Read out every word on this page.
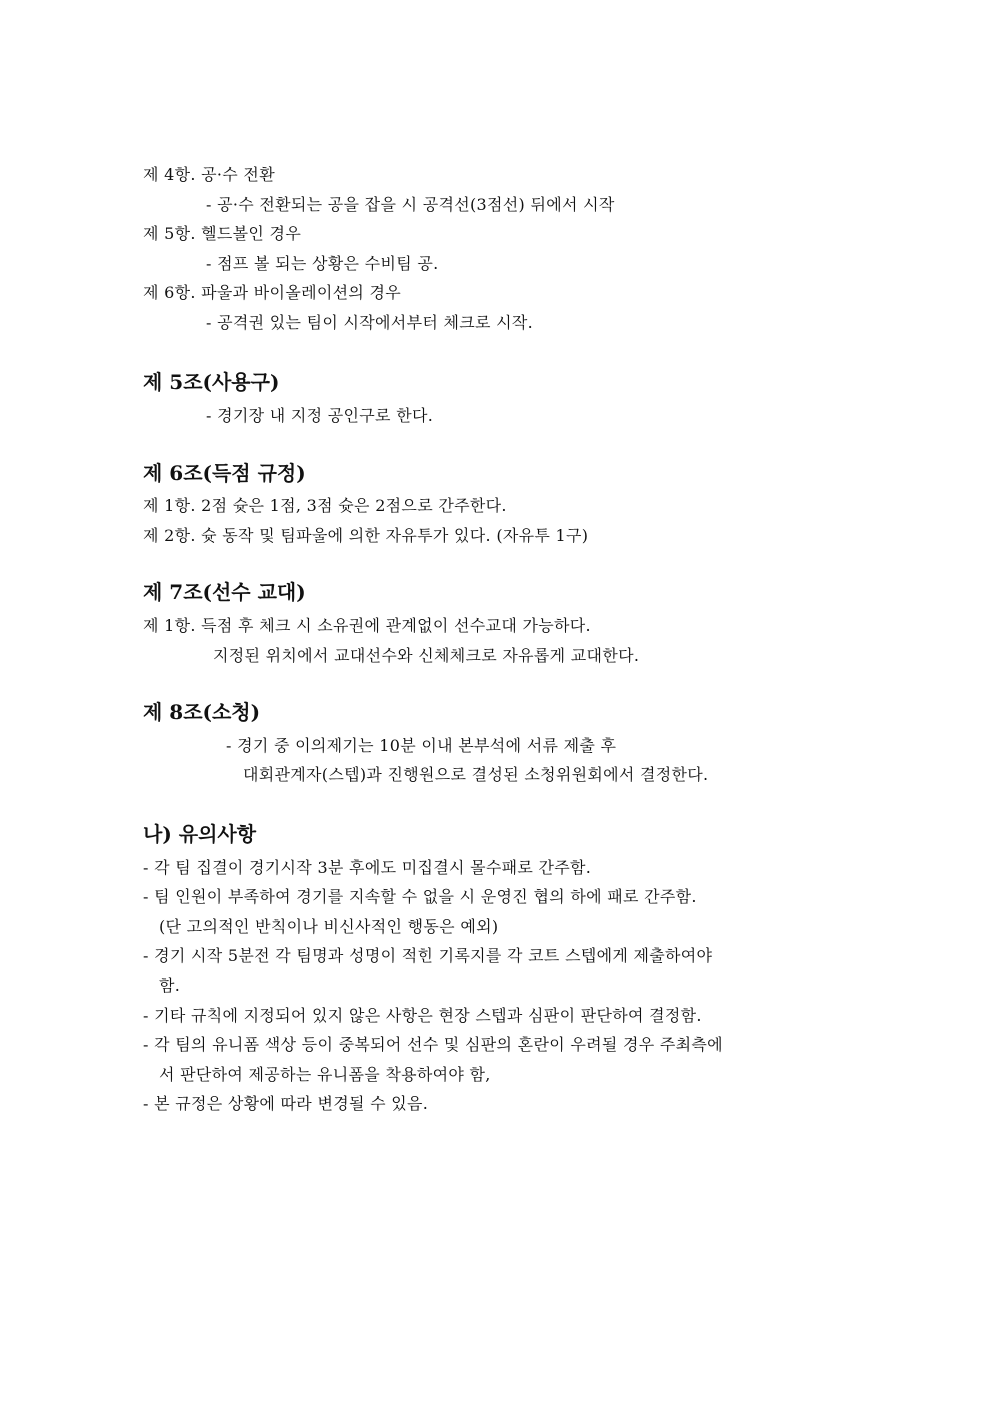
제 4항. 공·수 전환
- 공·수 전환되는 공을 잡을 시 공격선(3점선) 뒤에서 시작
제 5항. 헬드볼인 경우
- 점프 볼 되는 상황은 수비팀 공.
제 6항. 파울과 바이올레이션의 경우
- 공격권 있는 팀이 시작에서부터 체크로 시작.
제 5조(사용구)
- 경기장 내 지정 공인구로 한다.
제 6조(득점 규정)
제 1항. 2점 슛은 1점, 3점 슛은 2점으로 간주한다.
제 2항. 슛 동작 및 팀파울에 의한 자유투가 있다. (자유투 1구)
제 7조(선수 교대)
제 1항. 득점 후 체크 시 소유권에 관계없이 선수교대 가능하다.
지정된 위치에서 교대선수와 신체체크로 자유롭게 교대한다.
제 8조(소청)
- 경기 중 이의제기는 10분 이내 본부석에 서류 제출 후
대회관계자(스텝)과 진행원으로 결성된 소청위원회에서 결정한다.
나) 유의사항
- 각 팀 집결이 경기시작 3분 후에도 미집결시 몰수패로 간주함.
- 팀 인원이 부족하여 경기를 지속할 수 없을 시 운영진 협의 하에 패로 간주함.
(단 고의적인 반칙이나 비신사적인 행동은 예외)
- 경기 시작 5분전 각 팀명과 성명이 적힌 기록지를 각 코트 스텝에게 제출하여야
함.
- 기타 규칙에 지정되어 있지 않은 사항은 현장 스텝과 심판이 판단하여 결정함.
- 각 팀의 유니폼 색상 등이 중복되어 선수 및 심판의 혼란이 우려될 경우 주최측에
서 판단하여 제공하는 유니폼을 착용하여야 함,
- 본 규정은 상황에 따라 변경될 수 있음.
